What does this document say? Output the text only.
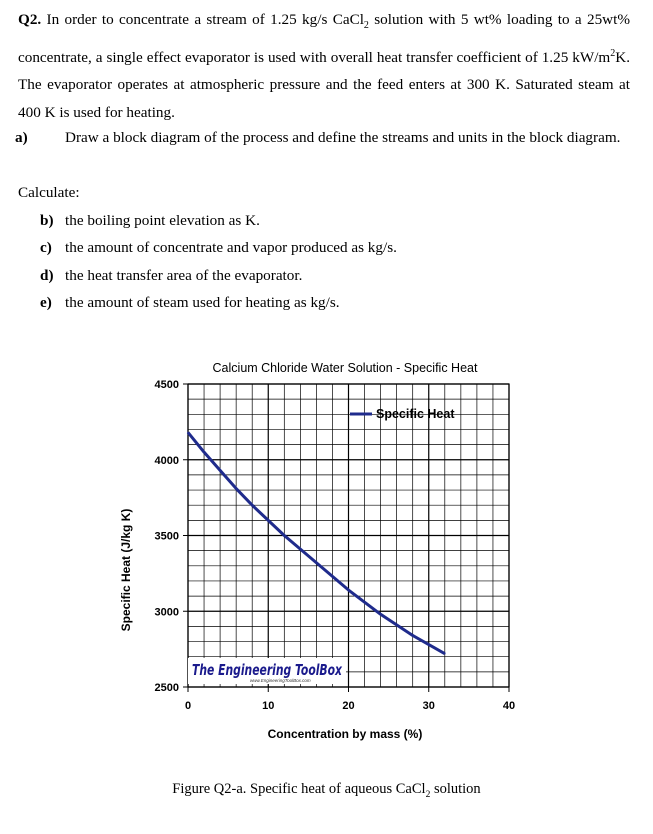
Q2. In order to concentrate a stream of 1.25 kg/s CaCl$_2$ solution with 5 wt% loading to a 25wt% concentrate, a single effect evaporator is used with overall heat transfer coefficient of 1.25 $kW/m^2K$. The evaporator operates at atmospheric pressure and the feed enters at 300 K. Saturated steam at 400 K is used for heating.
a) Draw a block diagram of the process and define the streams and units in the block diagram.
Calculate:
b) the boiling point elevation as K.
c) the amount of concentrate and vapor produced as kg/s.
d) the heat transfer area of the evaporator.
e) the amount of steam used for heating as kg/s.
Calcium Chloride Water Solution - Specific Heat
2500
3000
3500
4000
4500
0	10	20	30	40
Specific Heat
The Engineering ToolBox
www.EngineeringToolBox.com
Concentration by mass (%)
Specific Heat (J/kg K)
Figure Q2-a. Specific heat of aqueous CaCl$_2$ solution
